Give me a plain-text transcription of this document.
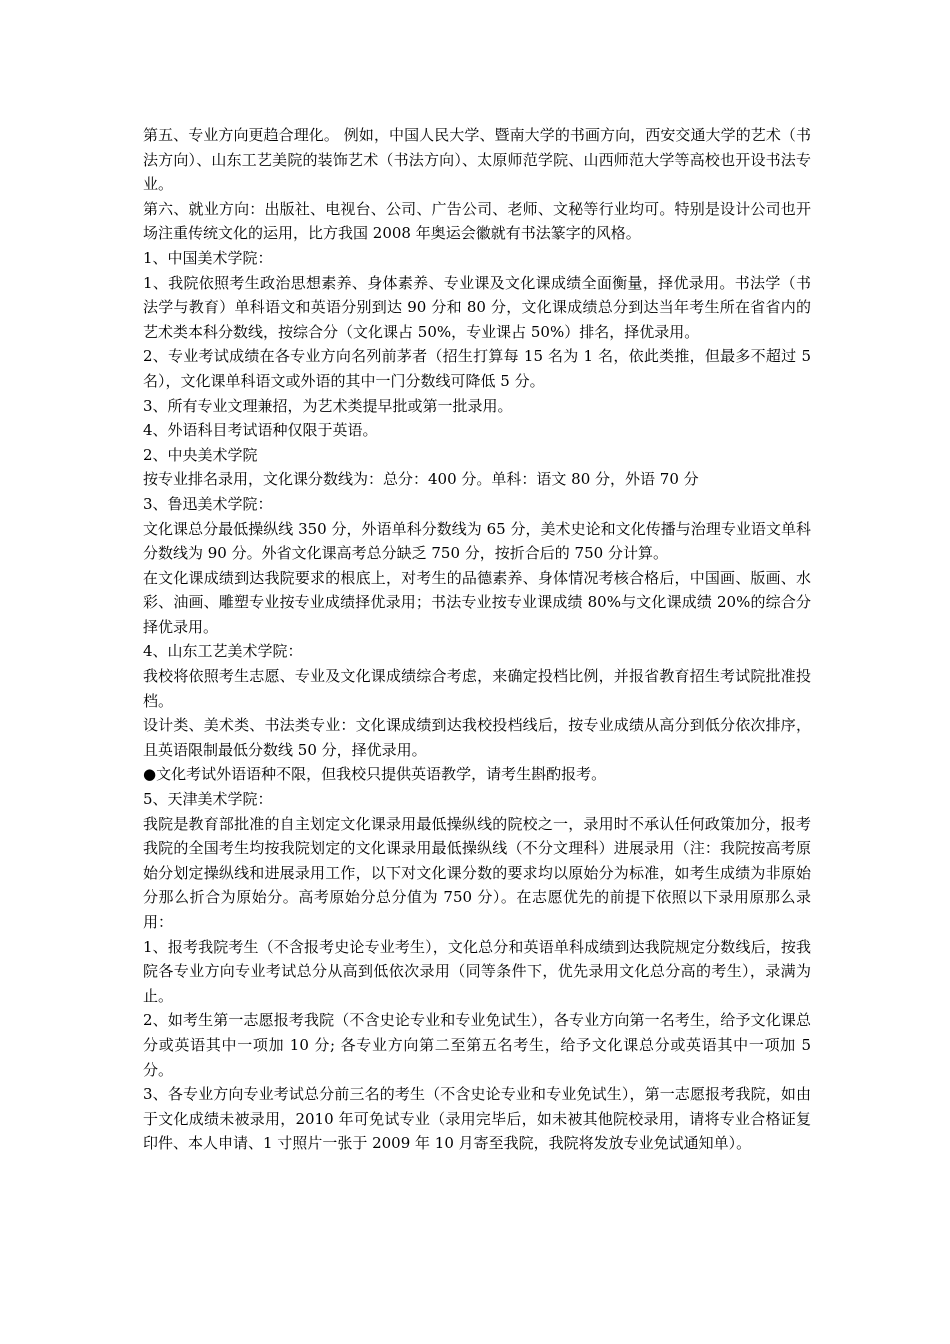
第五、专业方向更趋合理化。 例如，中国人民大学、暨南大学的书画方向，西安交通大学的艺术（书法方向）、山东工艺美院的装饰艺术（书法方向）、太原师范学院、山西师范大学等高校也开设书法专业。

第六、就业方向：出版社、电视台、公司、广告公司、老师、文秘等行业均可。特别是设计公司也开场注重传统文化的运用，比方我国 2008 年奥运会徽就有书法篆字的风格。

1、中国美术学院：

1、我院依照考生政治思想素养、身体素养、专业课及文化课成绩全面衡量，择优录用。书法学（书法学与教育）单科语文和英语分别到达 90 分和 80 分，文化课成绩总分到达当年考生所在省省内的艺术类本科分数线，按综合分（文化课占 50%，专业课占 50%）排名，择优录用。

2、专业考试成绩在各专业方向名列前茅者（招生打算每 15 名为 1 名，依此类推，但最多不超过 5 名），文化课单科语文或外语的其中一门分数线可降低 5 分。

3、所有专业文理兼招，为艺术类提早批或第一批录用。

4、外语科目考试语种仅限于英语。

2、中央美术学院

按专业排名录用，文化课分数线为：总分：400 分。单科：语文 80 分，外语 70 分

3、鲁迅美术学院：

文化课总分最低操纵线 350 分，外语单科分数线为 65 分，美术史论和文化传播与治理专业语文单科分数线为 90 分。外省文化课高考总分缺乏 750 分，按折合后的 750 分计算。

在文化课成绩到达我院要求的根底上，对考生的品德素养、身体情况考核合格后，中国画、版画、水彩、油画、雕塑专业按专业成绩择优录用；书法专业按专业课成绩 80%与文化课成绩 20%的综合分择优录用。

4、山东工艺美术学院：

我校将依照考生志愿、专业及文化课成绩综合考虑，来确定投档比例，并报省教育招生考试院批准投档。

设计类、美术类、书法类专业：文化课成绩到达我校投档线后，按专业成绩从高分到低分依次排序，且英语限制最低分数线 50 分，择优录用。

●文化考试外语语种不限，但我校只提供英语教学，请考生斟酌报考。

5、天津美术学院：

我院是教育部批准的自主划定文化课录用最低操纵线的院校之一，录用时不承认任何政策加分，报考我院的全国考生均按我院划定的文化课录用最低操纵线（不分文理科）进展录用（注：我院按高考原始分划定操纵线和进展录用工作，以下对文化课分数的要求均以原始分为标准，如考生成绩为非原始分那么折合为原始分。高考原始分总分值为 750 分）。在志愿优先的前提下依照以下录用原那么录用：

1、报考我院考生（不含报考史论专业考生），文化总分和英语单科成绩到达我院规定分数线后，按我院各专业方向专业考试总分从高到低依次录用（同等条件下，优先录用文化总分高的考生），录满为止。

2、如考生第一志愿报考我院（不含史论专业和专业免试生），各专业方向第一名考生，给予文化课总分或英语其中一项加 10 分; 各专业方向第二至第五名考生，给予文化课总分或英语其中一项加 5 分。

3、各专业方向专业考试总分前三名的考生（不含史论专业和专业免试生），第一志愿报考我院，如由于文化成绩未被录用，2010 年可免试专业（录用完毕后，如未被其他院校录用，请将专业合格证复印件、本人申请、1 寸照片一张于 2009 年 10 月寄至我院，我院将发放专业免试通知单）。
